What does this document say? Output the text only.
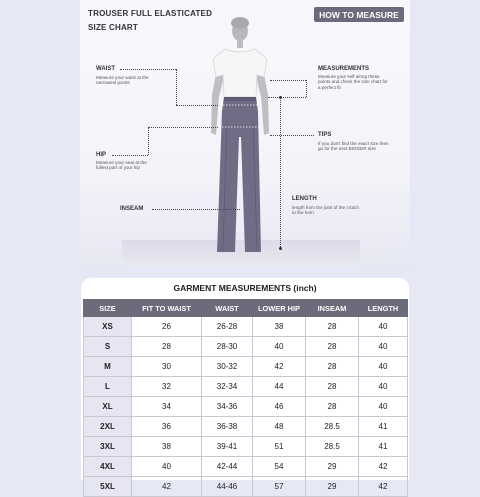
TROUSER FULL ELASTICATED
SIZE CHART
HOW TO MEASURE
WAIST
Measure your waist at the narrowest points
HIP
Measure your seat at the fullest part of your hip
INSEAM
MEASUREMENTS
Measure your self along these points and check the size chart for a perfect fit
TIPS
If you don't find the exact size then go for the next BIGGER size
LENGTH
length from the joint of the crotch to the hem
GARMENT MEASUREMENTS (inch)
SIZE	FIT TO WAIST	WAIST	LOWER HIP	INSEAM	LENGTH
XS	26	26-28	38	28	40
S	28	28-30	40	28	40
M	30	30-32	42	28	40
L	32	32-34	44	28	40
XL	34	34-36	46	28	40
2XL	36	36-38	48	28.5	41
3XL	38	39-41	51	28.5	41
4XL	40	42-44	54	29	42
5XL	42	44-46	57	29	42
